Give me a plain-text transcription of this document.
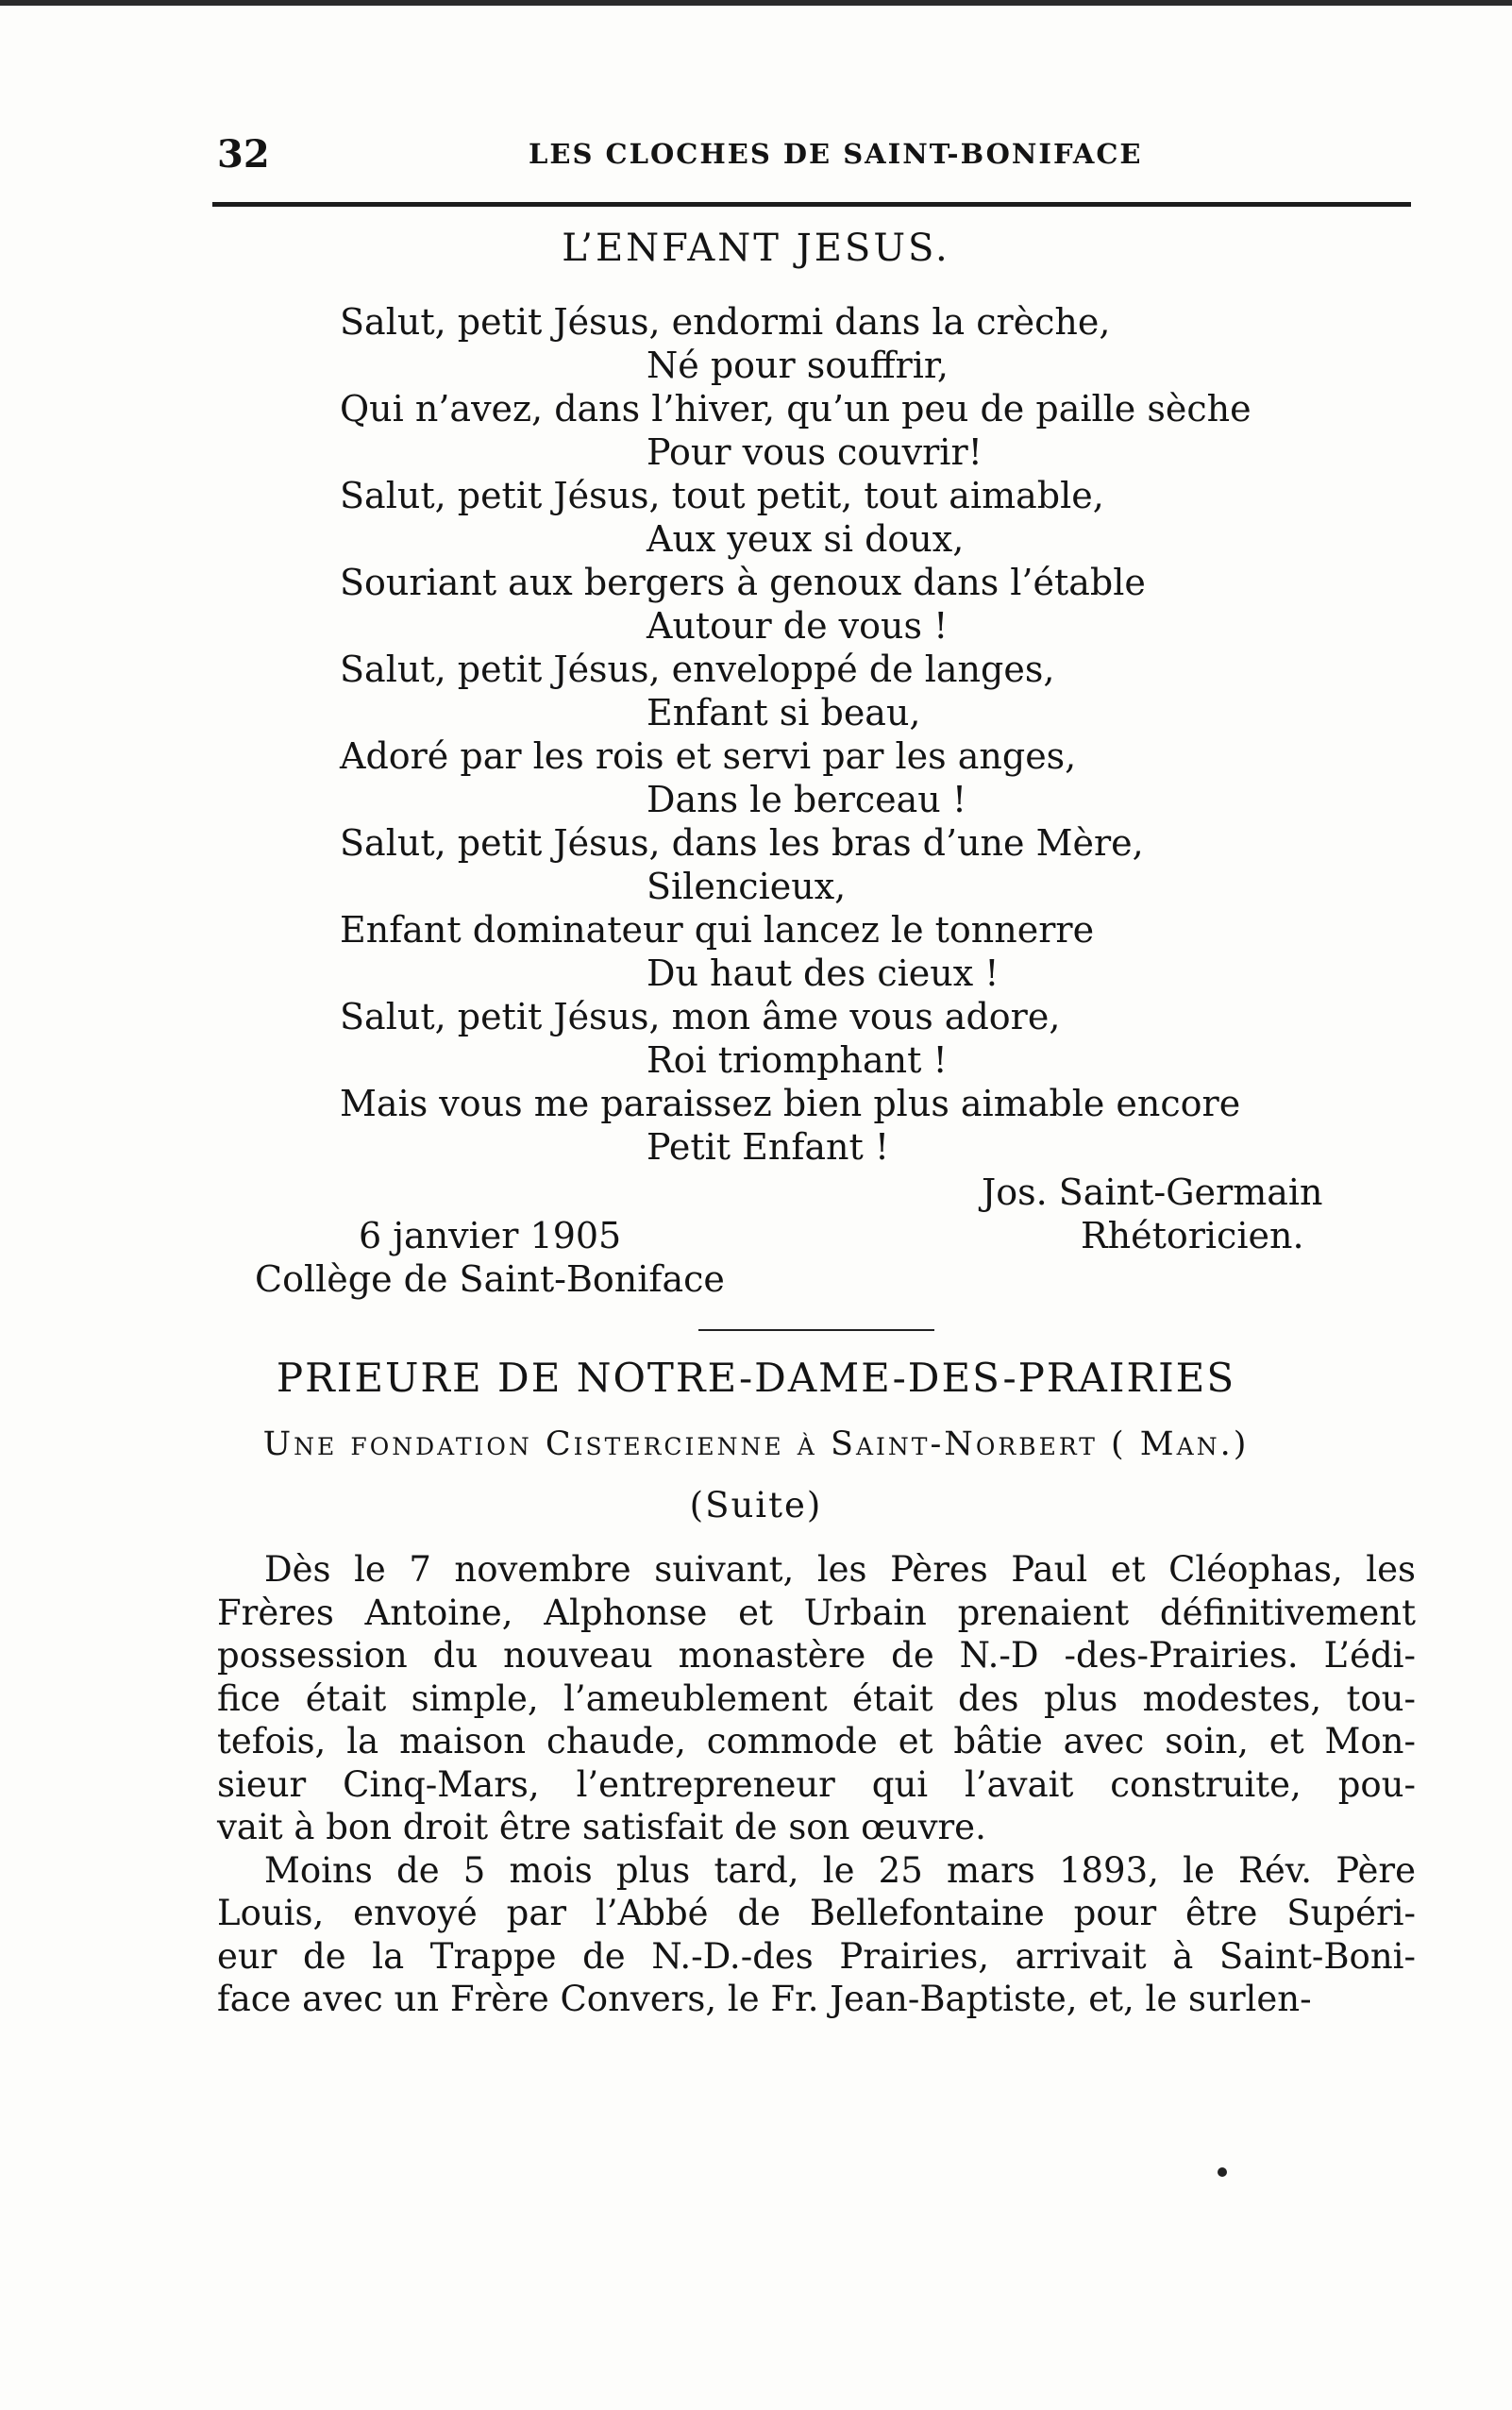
32	LES CLOCHES DE SAINT-BONIFACE
L’ENFANT JESUS.
Salut, petit Jésus, endormi dans la crèche,
Né pour souffrir,
Qui n’avez, dans l’hiver, qu’un peu de paille sèche
Pour vous couvrir!
Salut, petit Jésus, tout petit, tout aimable,
Aux yeux si doux,
Souriant aux bergers à genoux dans l’étable
Autour de vous !
Salut, petit Jésus, enveloppé de langes,
Enfant si beau,
Adoré par les rois et servi par les anges,
Dans le berceau !
Salut, petit Jésus, dans les bras d’une Mère,
Silencieux,
Enfant dominateur qui lancez le tonnerre
Du haut des cieux !
Salut, petit Jésus, mon âme vous adore,
Roi triomphant !
Mais vous me paraissez bien plus aimable encore
Petit Enfant !
Jos. Saint-Germain
Rhétoricien.
6 janvier 1905
Collège de Saint-Boniface
PRIEURE DE NOTRE-DAME-DES-PRAIRIES
Une fondation Cistercienne à Saint-Norbert ( Man.)
(Suite)
Dès le 7 novembre suivant, les Pères Paul et Cléophas, les
Frères Antoine, Alphonse et Urbain prenaient définitivement
possession du nouveau monastère de N.-D -des-Prairies. L’édi-
fice était simple, l’ameublement était des plus modestes, tou-
tefois, la maison chaude, commode et bâtie avec soin, et Mon-
sieur Cinq-Mars, l’entrepreneur qui l’avait construite, pou-
vait à bon droit être satisfait de son œuvre.
Moins de 5 mois plus tard, le 25 mars 1893, le Rév. Père
Louis, envoyé par l’Abbé de Bellefontaine pour être Supéri-
eur de la Trappe de N.-D.-des Prairies, arrivait à Saint-Boni-
face avec un Frère Convers, le Fr. Jean-Baptiste, et, le surlen-
